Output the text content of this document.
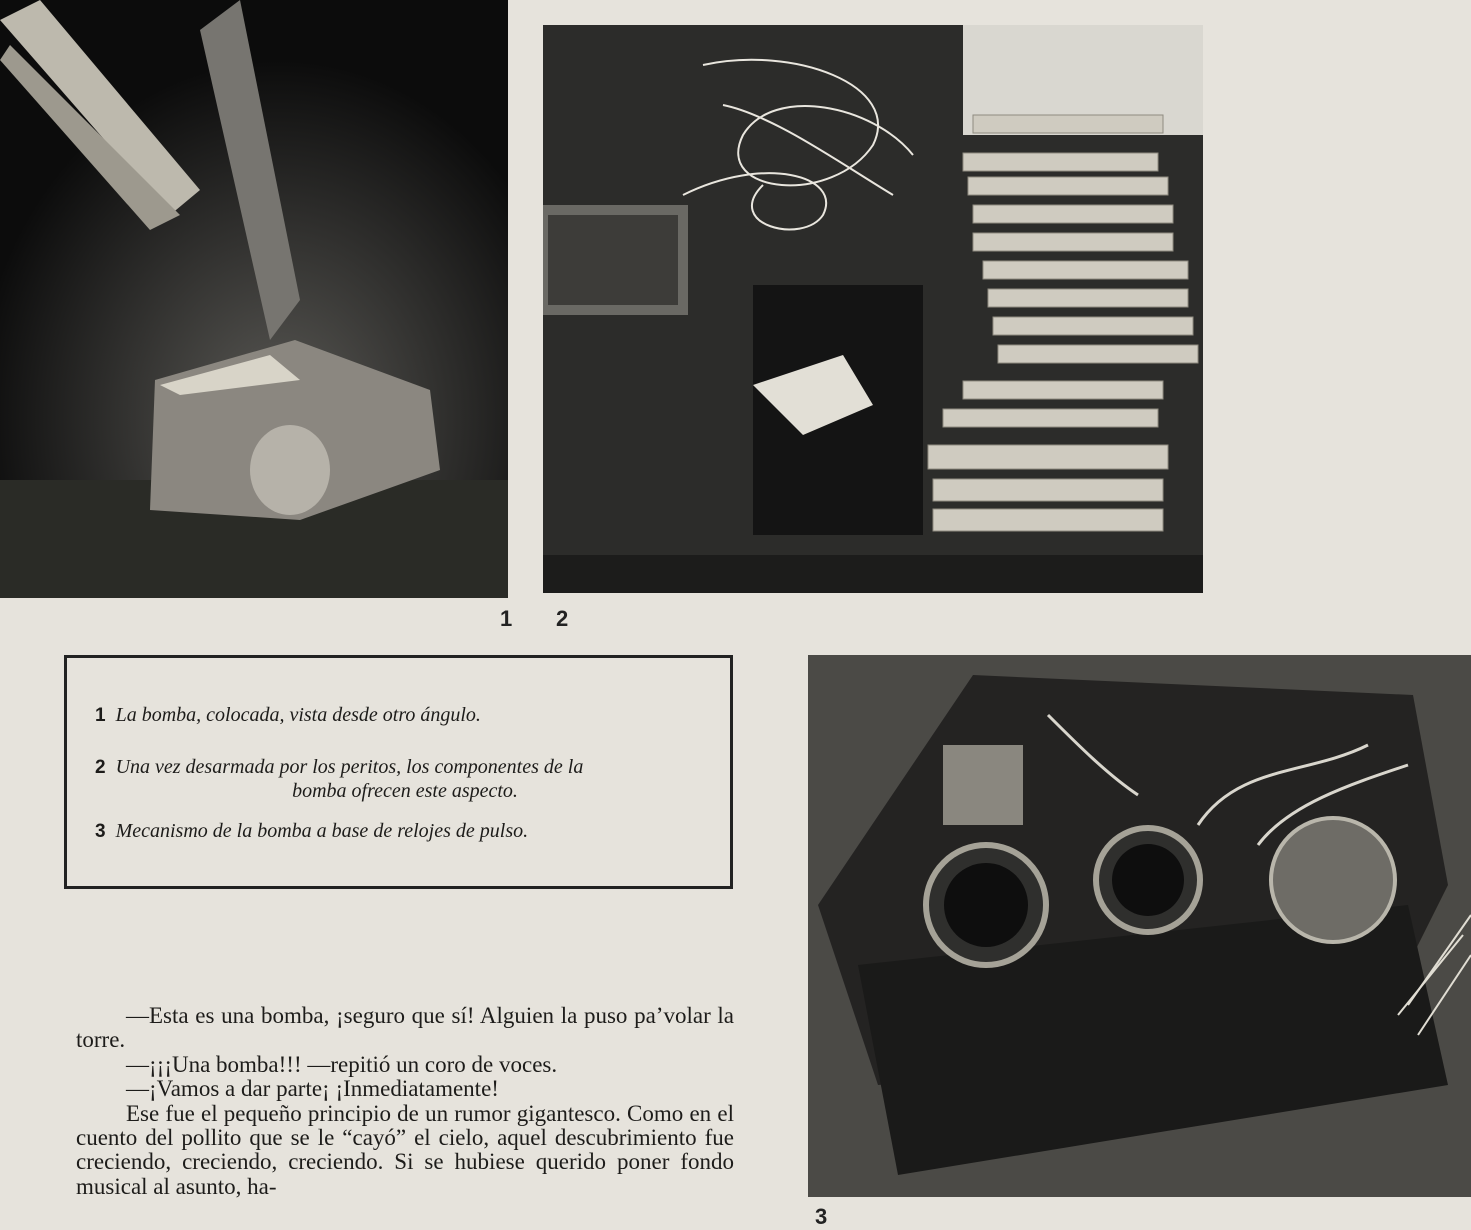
1 2
3
1 La bomba, colocada, vista desde otro ángulo.
2 Una vez desarmada por los peritos, los componentes de la
bomba ofrecen este aspecto.
3 Mecanismo de la bomba a base de relojes de pulso.

—Esta es una bomba, ¡seguro que sí! Alguien la puso pa’volar la torre.

—¡¡¡Una bomba!!! —repitió un coro de voces.

—¡Vamos a dar parte¡ ¡Inmediatamente!

Ese fue el pequeño principio de un rumor gigantesco. Como en el cuento del pollito que se le “cayó” el cielo, aquel descubrimiento fue creciendo, creciendo, creciendo. Si se hubiese querido poner fondo musical al asunto, ha-
